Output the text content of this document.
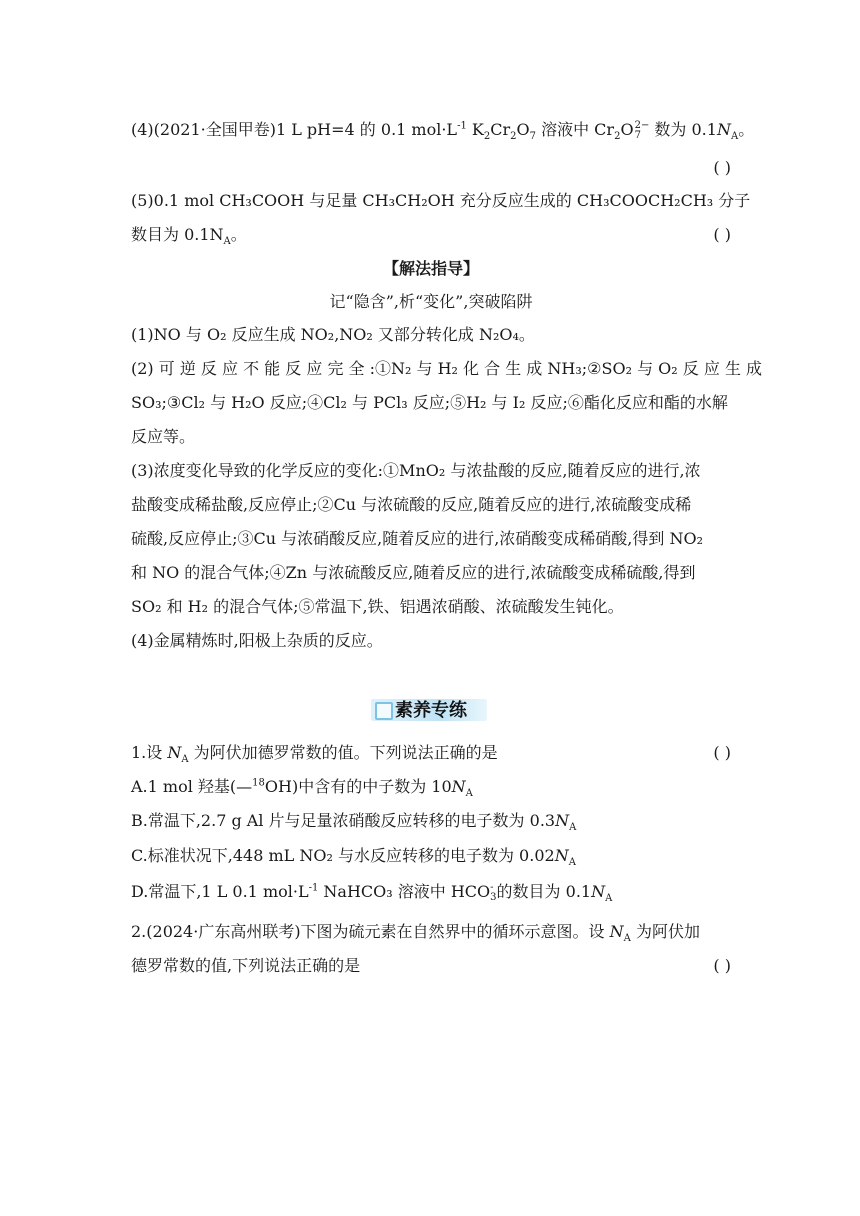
(4)(2021·全国甲卷)1 L pH=4 的 0.1 $mol\cdot L^{-1}$ $K_2Cr_2O_7$ 溶液中 $Cr_2O$ 2−
7 数为 $0.1N_A$。
( )
(5)0.1 mol CH₃COOH 与足量 CH₃CH₂OH 充分反应生成的 CH₃COOCH₂CH₃ 分子
数目为 $0.1N_A$。	( )
【解法指导】
记“隐含”,析“变化”,突破陷阱
(1)NO 与 O₂ 反应生成 NO₂,NO₂ 又部分转化成 N₂O₄。
(2) 可 逆 反 应 不 能 反 应 完 全 :①N₂ 与 H₂ 化 合 生 成 NH₃;②SO₂ 与 O₂ 反 应 生 成
SO₃;③Cl₂ 与 H₂O 反应;④Cl₂ 与 PCl₃ 反应;⑤H₂ 与 I₂ 反应;⑥酯化反应和酯的水解
反应等。
(3)浓度变化导致的化学反应的变化:①MnO₂ 与浓盐酸的反应,随着反应的进行,浓
盐酸变成稀盐酸,反应停止;②Cu 与浓硫酸的反应,随着反应的进行,浓硫酸变成稀
硫酸,反应停止;③Cu 与浓硝酸反应,随着反应的进行,浓硝酸变成稀硝酸,得到 NO₂
和 NO 的混合气体;④Zn 与浓硫酸反应,随着反应的进行,浓硫酸变成稀硫酸,得到
SO₂ 和 H₂ 的混合气体;⑤常温下,铁、铝遇浓硝酸、浓硫酸发生钝化。
(4)金属精炼时,阳极上杂质的反应。
素养专练
1.设 $N_A$ 为阿伏加德罗常数的值。下列说法正确的是	( )
A.1 mol 羟基(—$^{18}$OH)中含有的中子数为 $10N_A$
B.常温下,2.7 g Al 片与足量浓硝酸反应转移的电子数为 $0.3N_A$
C.标准状况下,448 mL NO₂ 与水反应转移的电子数为 $0.02N_A$
D.常温下,1 L 0.1 $mol\cdot L^{-1}$ NaHCO₃ 溶液中 HCO -
3 的数目为 $0.1N_A$
2.(2024·广东高州联考)下图为硫元素在自然界中的循环示意图。设 $N_A$ 为阿伏加
德罗常数的值,下列说法正确的是	( )
